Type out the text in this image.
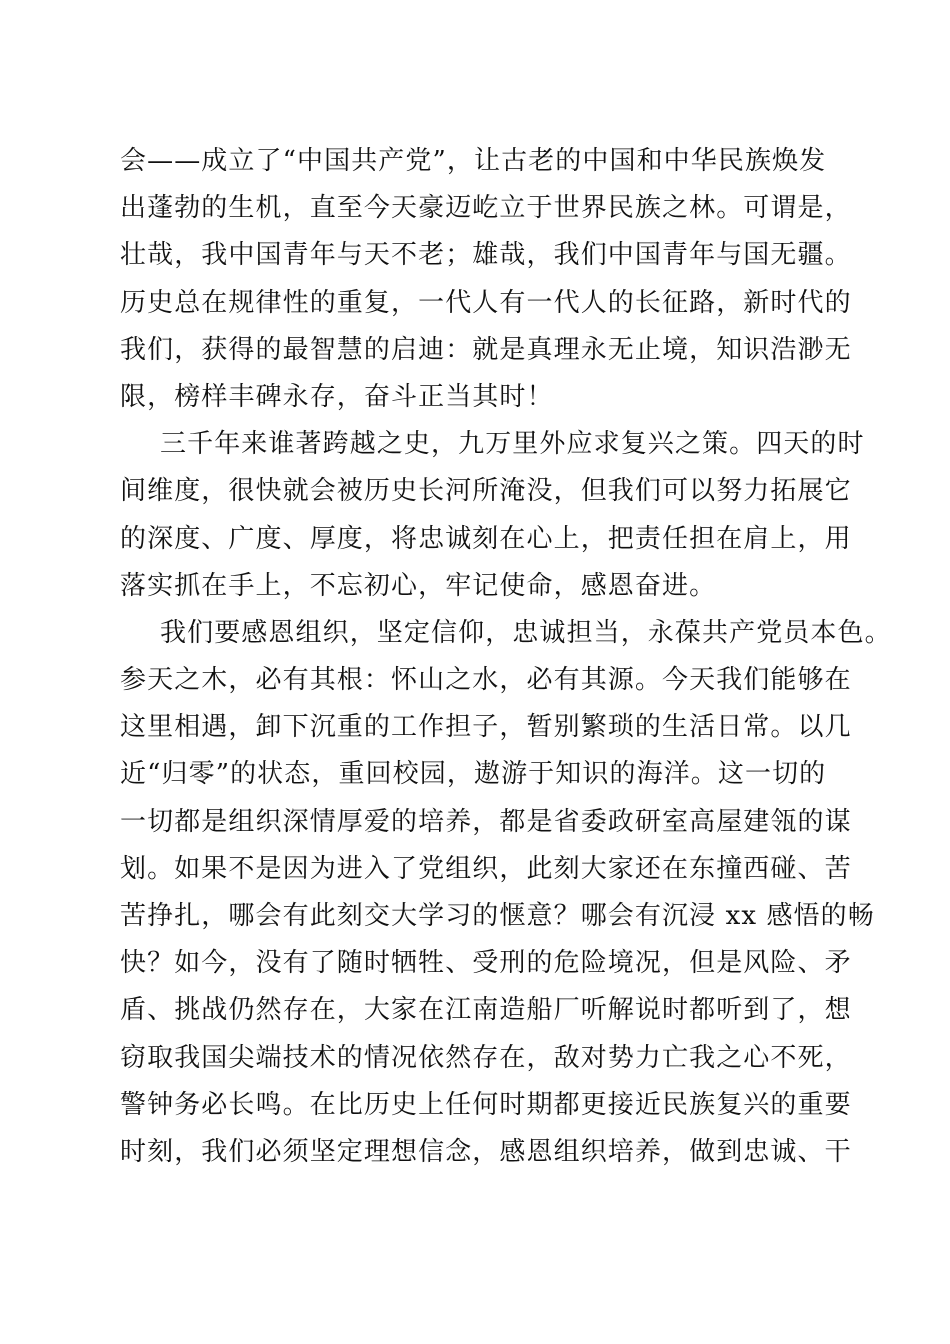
会——成立了“中国共产党”，让古老的中国和中华民族焕发
出蓬勃的生机，直至今天豪迈屹立于世界民族之林。可谓是，
壮哉，我中国青年与天不老；雄哉，我们中国青年与国无疆。
历史总在规律性的重复，一代人有一代人的长征路，新时代的
我们，获得的最智慧的启迪：就是真理永无止境，知识浩渺无
限，榜样丰碑永存，奋斗正当其时！
三千年来谁著跨越之史，九万里外应求复兴之策。四天的时
间维度，很快就会被历史长河所淹没，但我们可以努力拓展它
的深度、广度、厚度，将忠诚刻在心上，把责任担在肩上，用
落实抓在手上，不忘初心，牢记使命，感恩奋进。
我们要感恩组织，坚定信仰，忠诚担当，永葆共产党员本色。
参天之木，必有其根：怀山之水，必有其源。今天我们能够在
这里相遇，卸下沉重的工作担子，暂别繁琐的生活日常。以几
近“归零”的状态，重回校园，遨游于知识的海洋。这一切的
一切都是组织深情厚爱的培养，都是省委政研室高屋建瓴的谋
划。如果不是因为进入了党组织，此刻大家还在东撞西碰、苦
苦挣扎，哪会有此刻交大学习的惬意？哪会有沉浸 xx 感悟的畅
快？如今，没有了随时牺牲、受刑的危险境况，但是风险、矛
盾、挑战仍然存在，大家在江南造船厂听解说时都听到了，想
窃取我国尖端技术的情况依然存在，敌对势力亡我之心不死，
警钟务必长鸣。在比历史上任何时期都更接近民族复兴的重要
时刻，我们必须坚定理想信念，感恩组织培养，做到忠诚、干
